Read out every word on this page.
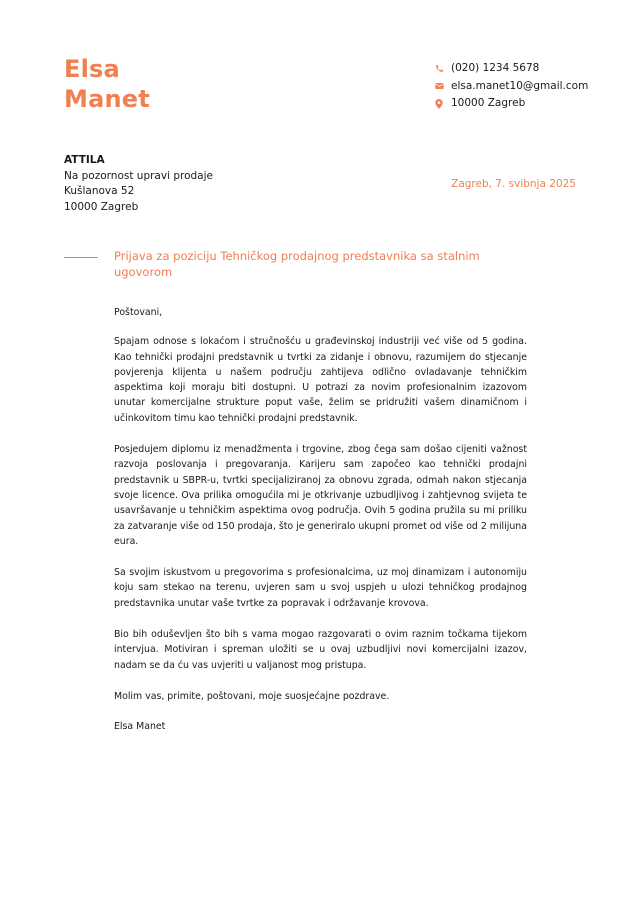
Elsa
Manet
(020) 1234 5678
elsa.manet10@gmail.com
10000 Zagreb
ATTILA
Na pozornost upravi prodaje
Kušlanova 52
10000 Zagreb
Zagreb, 7. svibnja 2025
Prijava za poziciju Tehničkog prodajnog predstavnika sa stalnim ugovorom

Poštovani,

Spajam odnose s lokaćom i stručnošću u građevinskoj industriji već više od 5 godina. Kao tehnički prodajni predstavnik u tvrtki za zidanje i obnovu, razumijem do stjecanje povjerenja klijenta u našem području zahtijeva odlično ovladavanje tehničkim aspektima koji moraju biti dostupni. U potrazi za novim profesionalnim izazovom unutar komercijalne strukture poput vaše, želim se pridružiti vašem dinamičnom i učinkovitom timu kao tehnički prodajni predstavnik.

Posjedujem diplomu iz menadžmenta i trgovine, zbog čega sam došao cijeniti važnost razvoja poslovanja i pregovaranja. Karijeru sam započeo kao tehnički prodajni predstavnik u SBPR-u, tvrtki specijaliziranoj za obnovu zgrada, odmah nakon stjecanja svoje licence. Ova prilika omogućila mi je otkrivanje uzbudljivog i zahtjevnog svijeta te usavršavanje u tehničkim aspektima ovog područja. Ovih 5 godina pružila su mi priliku za zatvaranje više od 150 prodaja, što je generiralo ukupni promet od više od 2 milijuna eura.

Sa svojim iskustvom u pregovorima s profesionalcima, uz moj dinamizam i autonomiju koju sam stekao na terenu, uvjeren sam u svoj uspjeh u ulozi tehničkog prodajnog predstavnika unutar vaše tvrtke za popravak i održavanje krovova.

Bio bih oduševljen što bih s vama mogao razgovarati o ovim raznim točkama tijekom intervjua. Motiviran i spreman uložiti se u ovaj uzbudljivi novi komercijalni izazov, nadam se da ću vas uvjeriti u valjanost mog pristupa.

Molim vas, primite, poštovani, moje suosjećajne pozdrave.

Elsa Manet
